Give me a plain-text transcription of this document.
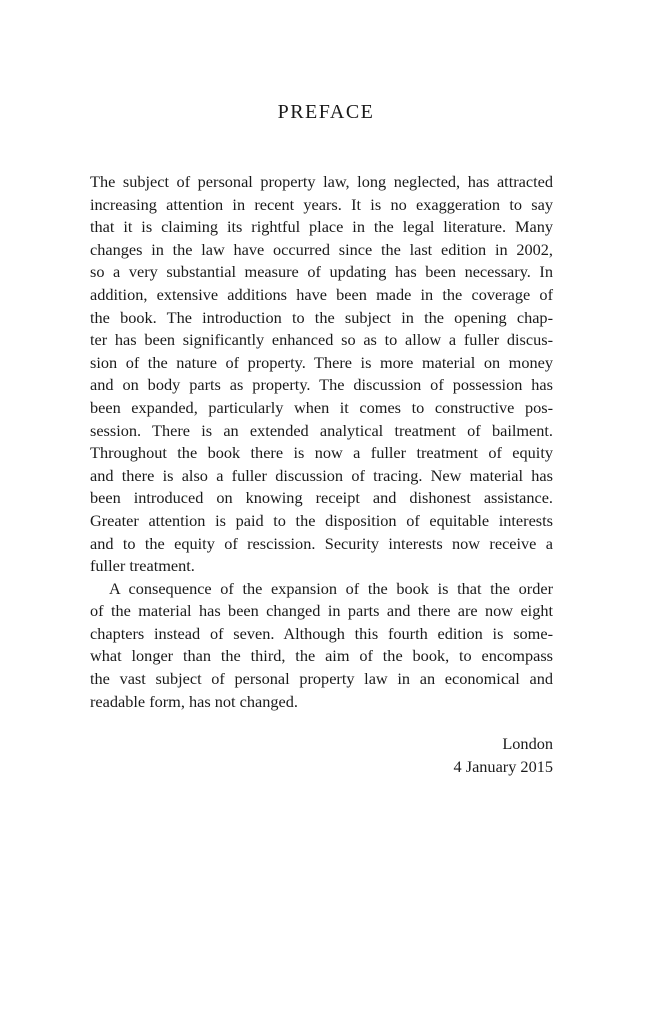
PREFACE
The subject of personal property law, long neglected, has attracted
increasing attention in recent years. It is no exaggeration to say
that it is claiming its rightful place in the legal literature. Many
changes in the law have occurred since the last edition in 2002,
so a very substantial measure of updating has been necessary. In
addition, extensive additions have been made in the coverage of
the book. The introduction to the subject in the opening chap-
ter has been significantly enhanced so as to allow a fuller discus-
sion of the nature of property. There is more material on money
and on body parts as property. The discussion of possession has
been expanded, particularly when it comes to constructive pos-
session. There is an extended analytical treatment of bailment.
Throughout the book there is now a fuller treatment of equity
and there is also a fuller discussion of tracing. New material has
been introduced on knowing receipt and dishonest assistance.
Greater attention is paid to the disposition of equitable interests
and to the equity of rescission. Security interests now receive a
fuller treatment.
A consequence of the expansion of the book is that the order
of the material has been changed in parts and there are now eight
chapters instead of seven. Although this fourth edition is some-
what longer than the third, the aim of the book, to encompass
the vast subject of personal property law in an economical and
readable form, has not changed.
London
4 January 2015
